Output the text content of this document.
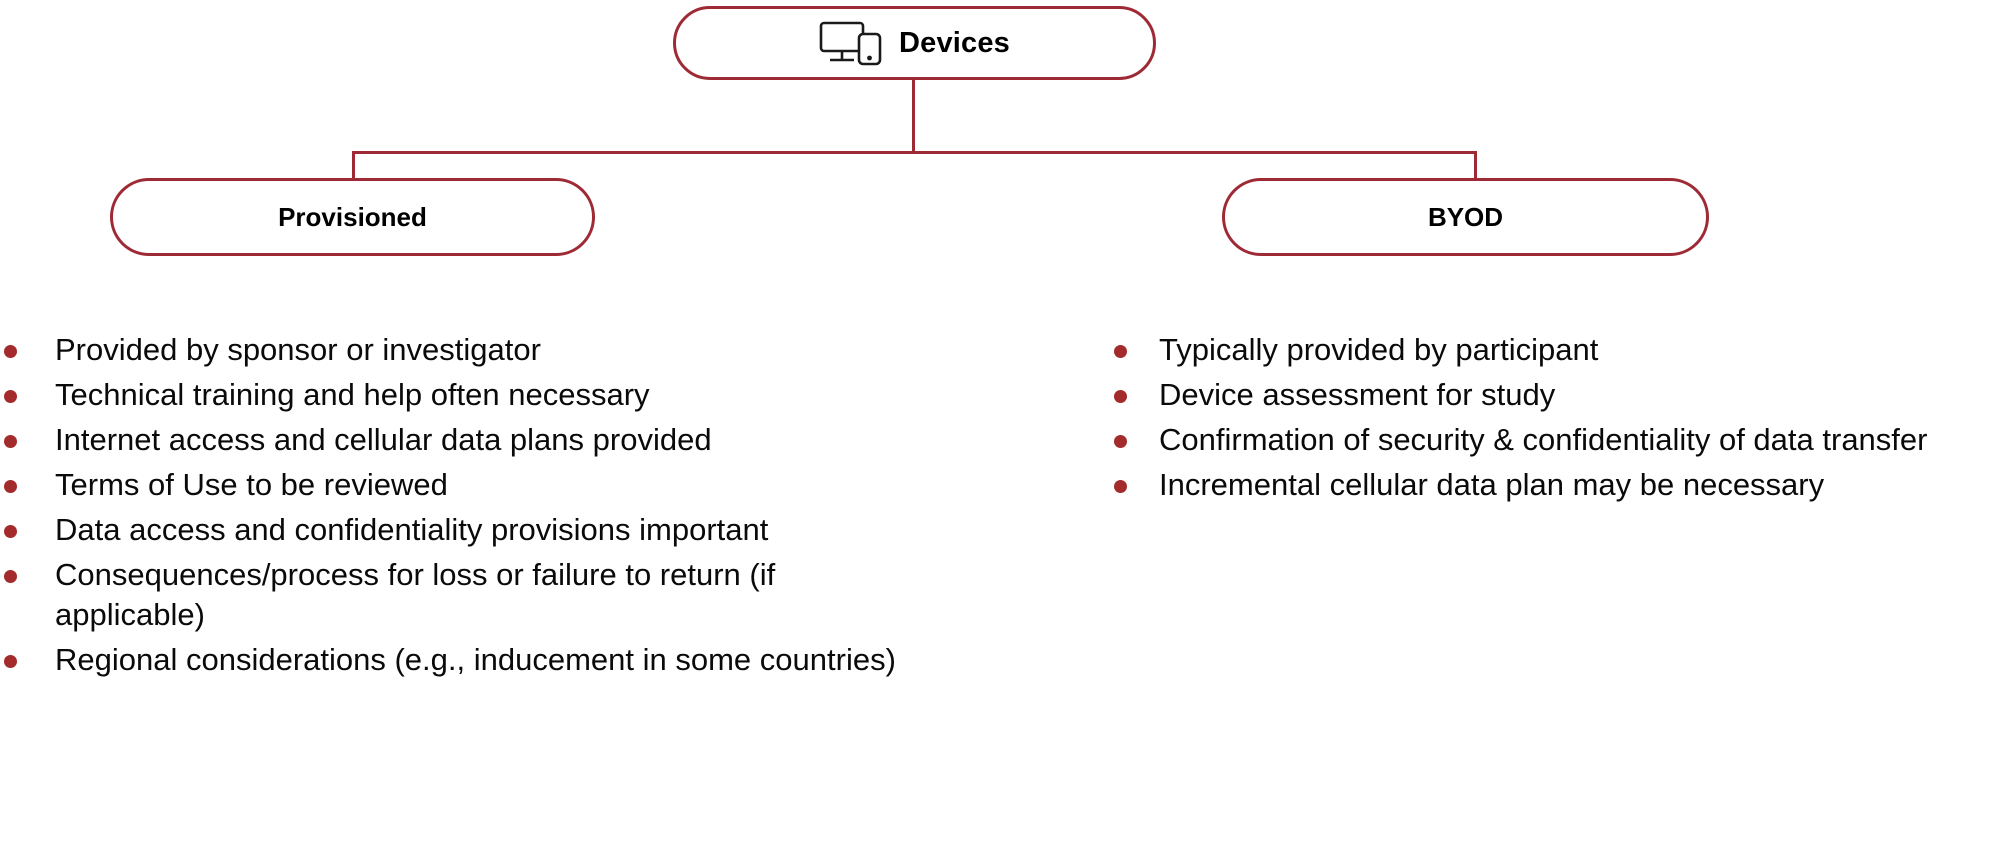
Devices
Provisioned	BYOD
Provided by sponsor or investigator
Technical training and help often necessary
Internet access and cellular data plans provided
Terms of Use to be reviewed
Data access and confidentiality provisions important
Consequences/process for loss or failure to return (if applicable)
Regional considerations (e.g., inducement in some countries)
Typically provided by participant
Device assessment for study
Confirmation of security & confidentiality of data transfer
Incremental cellular data plan may be necessary
